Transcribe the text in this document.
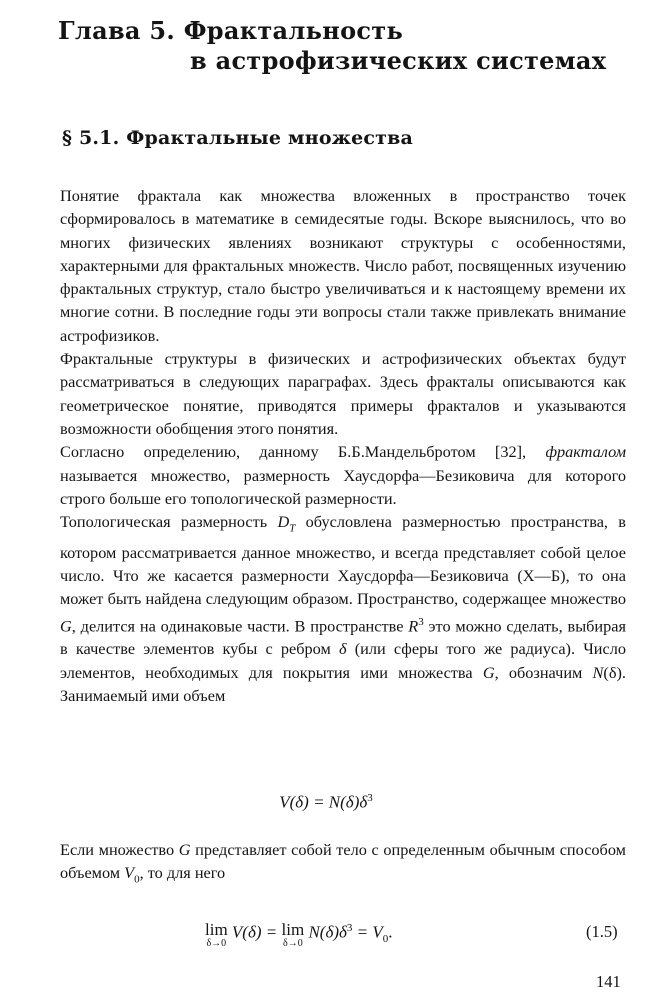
Глава 5. Фрактальность
в астрофизических системах
§ 5.1. Фрактальные множества

Понятие фрактала как множества вложенных в пространство точек сформировалось в математике в семидесятые годы. Вскоре выяснилось, что во многих физических явлениях возникают структуры с особенностями, характерными для фрактальных множеств. Число работ, посвященных изучению фрактальных структур, стало быстро увеличиваться и к настоящему времени их многие сотни. В последние годы эти вопросы стали также привлекать внимание астрофизиков.

Фрактальные структуры в физических и астрофизических объектах будут рассматриваться в следующих параграфах. Здесь фракталы описываются как геометрическое понятие, приводятся примеры фракталов и указываются возможности обобщения этого понятия.

Согласно определению, данному Б.Б.Мандельбротом [32], фракталом называется множество, размерность Хаусдорфа—Безиковича для которого строго больше его топологической размерности.

Топологическая размерность $D_T$ обусловлена размерностью пространства, в котором рассматривается данное множество, и всегда представляет собой целое число. Что же касается размерности Хаусдорфа—Безиковича (Х—Б), то она может быть найдена следующим образом. Пространство, содержащее множество G, делится на одинаковые части. В пространстве $R^3$ это можно сделать, выбирая в качестве элементов кубы с ребром δ (или сферы того же радиуса). Число элементов, необходимых для покрытия ими множества G, обозначим N(δ). Занимаемый ими объем

$V(\delta) = N(\delta)\delta^3$
Если множество G представляет собой тело с определенным обычным способом объемом $V_0$, то для него
lim
δ→0
V(δ) = lim
δ→0
$N(\delta)\delta^3 = V_0$.	(1.5)
141
